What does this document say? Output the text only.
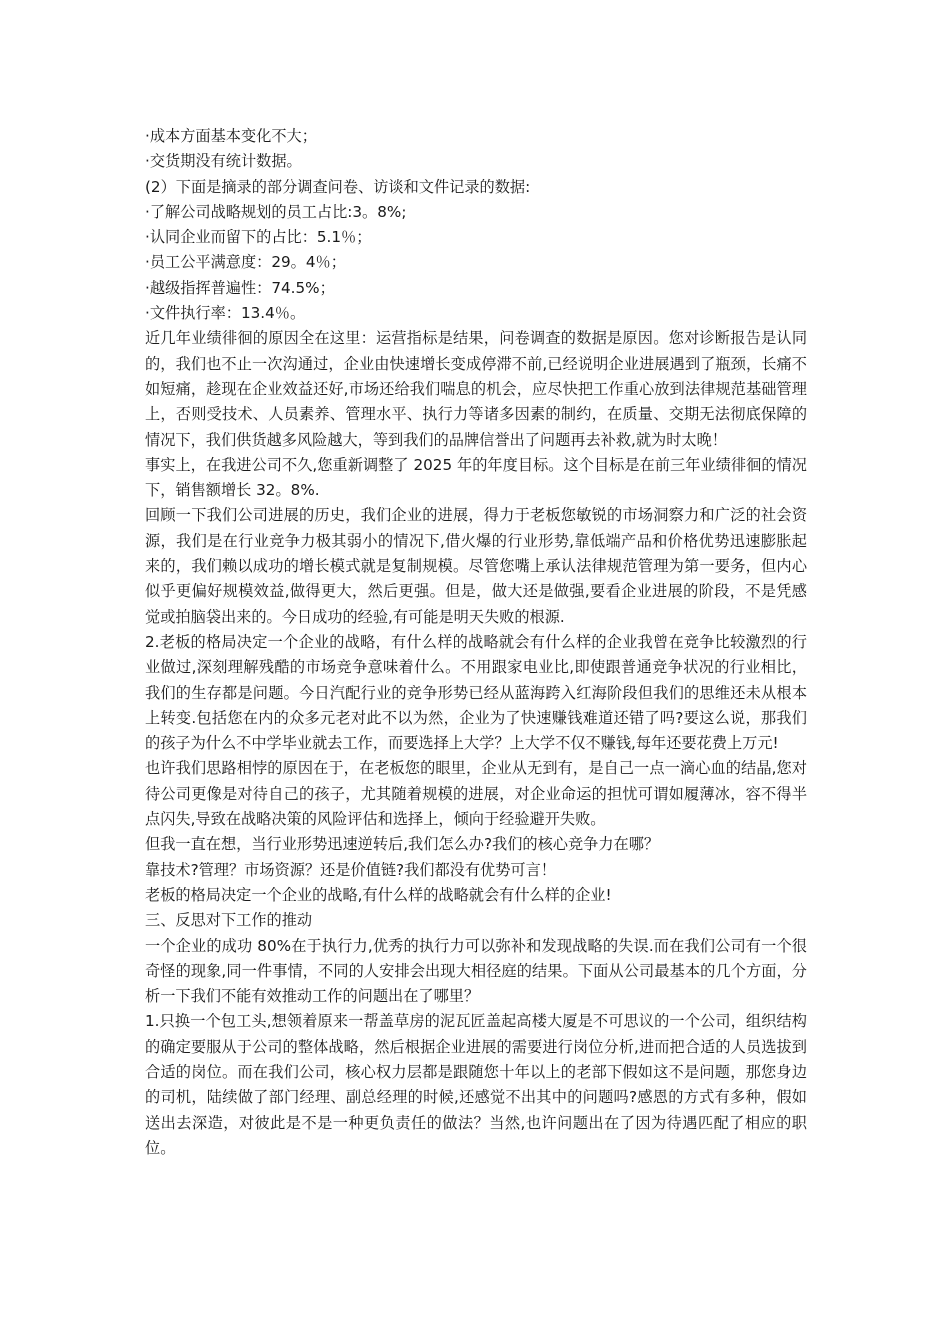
·成本方面基本变化不大；

·交货期没有统计数据。

(2）下面是摘录的部分调查问卷、访谈和文件记录的数据:

·了解公司战略规划的员工占比:3。8%;

·认同企业而留下的占比：5.1％；

·员工公平满意度：29。4％；

·越级指挥普遍性：74.5%；

·文件执行率：13.4％。

近几年业绩徘徊的原因全在这里：运营指标是结果，问卷调查的数据是原因。您对诊断报告是认同的，我们也不止一次沟通过，企业由快速增长变成停滞不前,已经说明企业进展遇到了瓶颈，长痛不如短痛，趁现在企业效益还好,市场还给我们喘息的机会，应尽快把工作重心放到法律规范基础管理上，否则受技术、人员素养、管理水平、执行力等诸多因素的制约，在质量、交期无法彻底保障的情况下，我们供货越多风险越大，等到我们的品牌信誉出了问题再去补救,就为时太晚！

事实上，在我进公司不久,您重新调整了 2025 年的年度目标。这个目标是在前三年业绩徘徊的情况下，销售额增长 32。8%.

回顾一下我们公司进展的历史，我们企业的进展，得力于老板您敏锐的市场洞察力和广泛的社会资源，我们是在行业竞争力极其弱小的情况下,借火爆的行业形势,靠低端产品和价格优势迅速膨胀起来的，我们赖以成功的增长模式就是复制规模。尽管您嘴上承认法律规范管理为第一要务，但内心似乎更偏好规模效益,做得更大，然后更强。但是，做大还是做强,要看企业进展的阶段，不是凭感觉或拍脑袋出来的。今日成功的经验,有可能是明天失败的根源.

2.老板的格局决定一个企业的战略，有什么样的战略就会有什么样的企业我曾在竞争比较激烈的行业做过,深刻理解残酷的市场竞争意味着什么。不用跟家电业比,即使跟普通竞争状况的行业相比，我们的生存都是问题。今日汽配行业的竞争形势已经从蓝海跨入红海阶段但我们的思维还未从根本上转变.包括您在内的众多元老对此不以为然，企业为了快速赚钱难道还错了吗?要这么说，那我们的孩子为什么不中学毕业就去工作，而要选择上大学？上大学不仅不赚钱,每年还要花费上万元!

也许我们思路相悖的原因在于，在老板您的眼里，企业从无到有，是自己一点一滴心血的结晶,您对待公司更像是对待自己的孩子，尤其随着规模的进展，对企业命运的担忧可谓如履薄冰，容不得半点闪失,导致在战略决策的风险评估和选择上，倾向于经验避开失败。

但我一直在想，当行业形势迅速逆转后,我们怎么办?我们的核心竞争力在哪？

靠技术?管理？市场资源？还是价值链?我们都没有优势可言！

老板的格局决定一个企业的战略,有什么样的战略就会有什么样的企业!

三、反思对下工作的推动

一个企业的成功 80%在于执行力,优秀的执行力可以弥补和发现战略的失误.而在我们公司有一个很奇怪的现象,同一件事情，不同的人安排会出现大相径庭的结果。下面从公司最基本的几个方面，分析一下我们不能有效推动工作的问题出在了哪里？

1.只换一个包工头,想领着原来一帮盖草房的泥瓦匠盖起高楼大厦是不可思议的一个公司，组织结构的确定要服从于公司的整体战略，然后根据企业进展的需要进行岗位分析,进而把合适的人员选拔到合适的岗位。而在我们公司，核心权力层都是跟随您十年以上的老部下假如这不是问题，那您身边的司机，陆续做了部门经理、副总经理的时候,还感觉不出其中的问题吗?感恩的方式有多种，假如送出去深造，对彼此是不是一种更负责任的做法？当然,也许问题出在了因为待遇匹配了相应的职位。
